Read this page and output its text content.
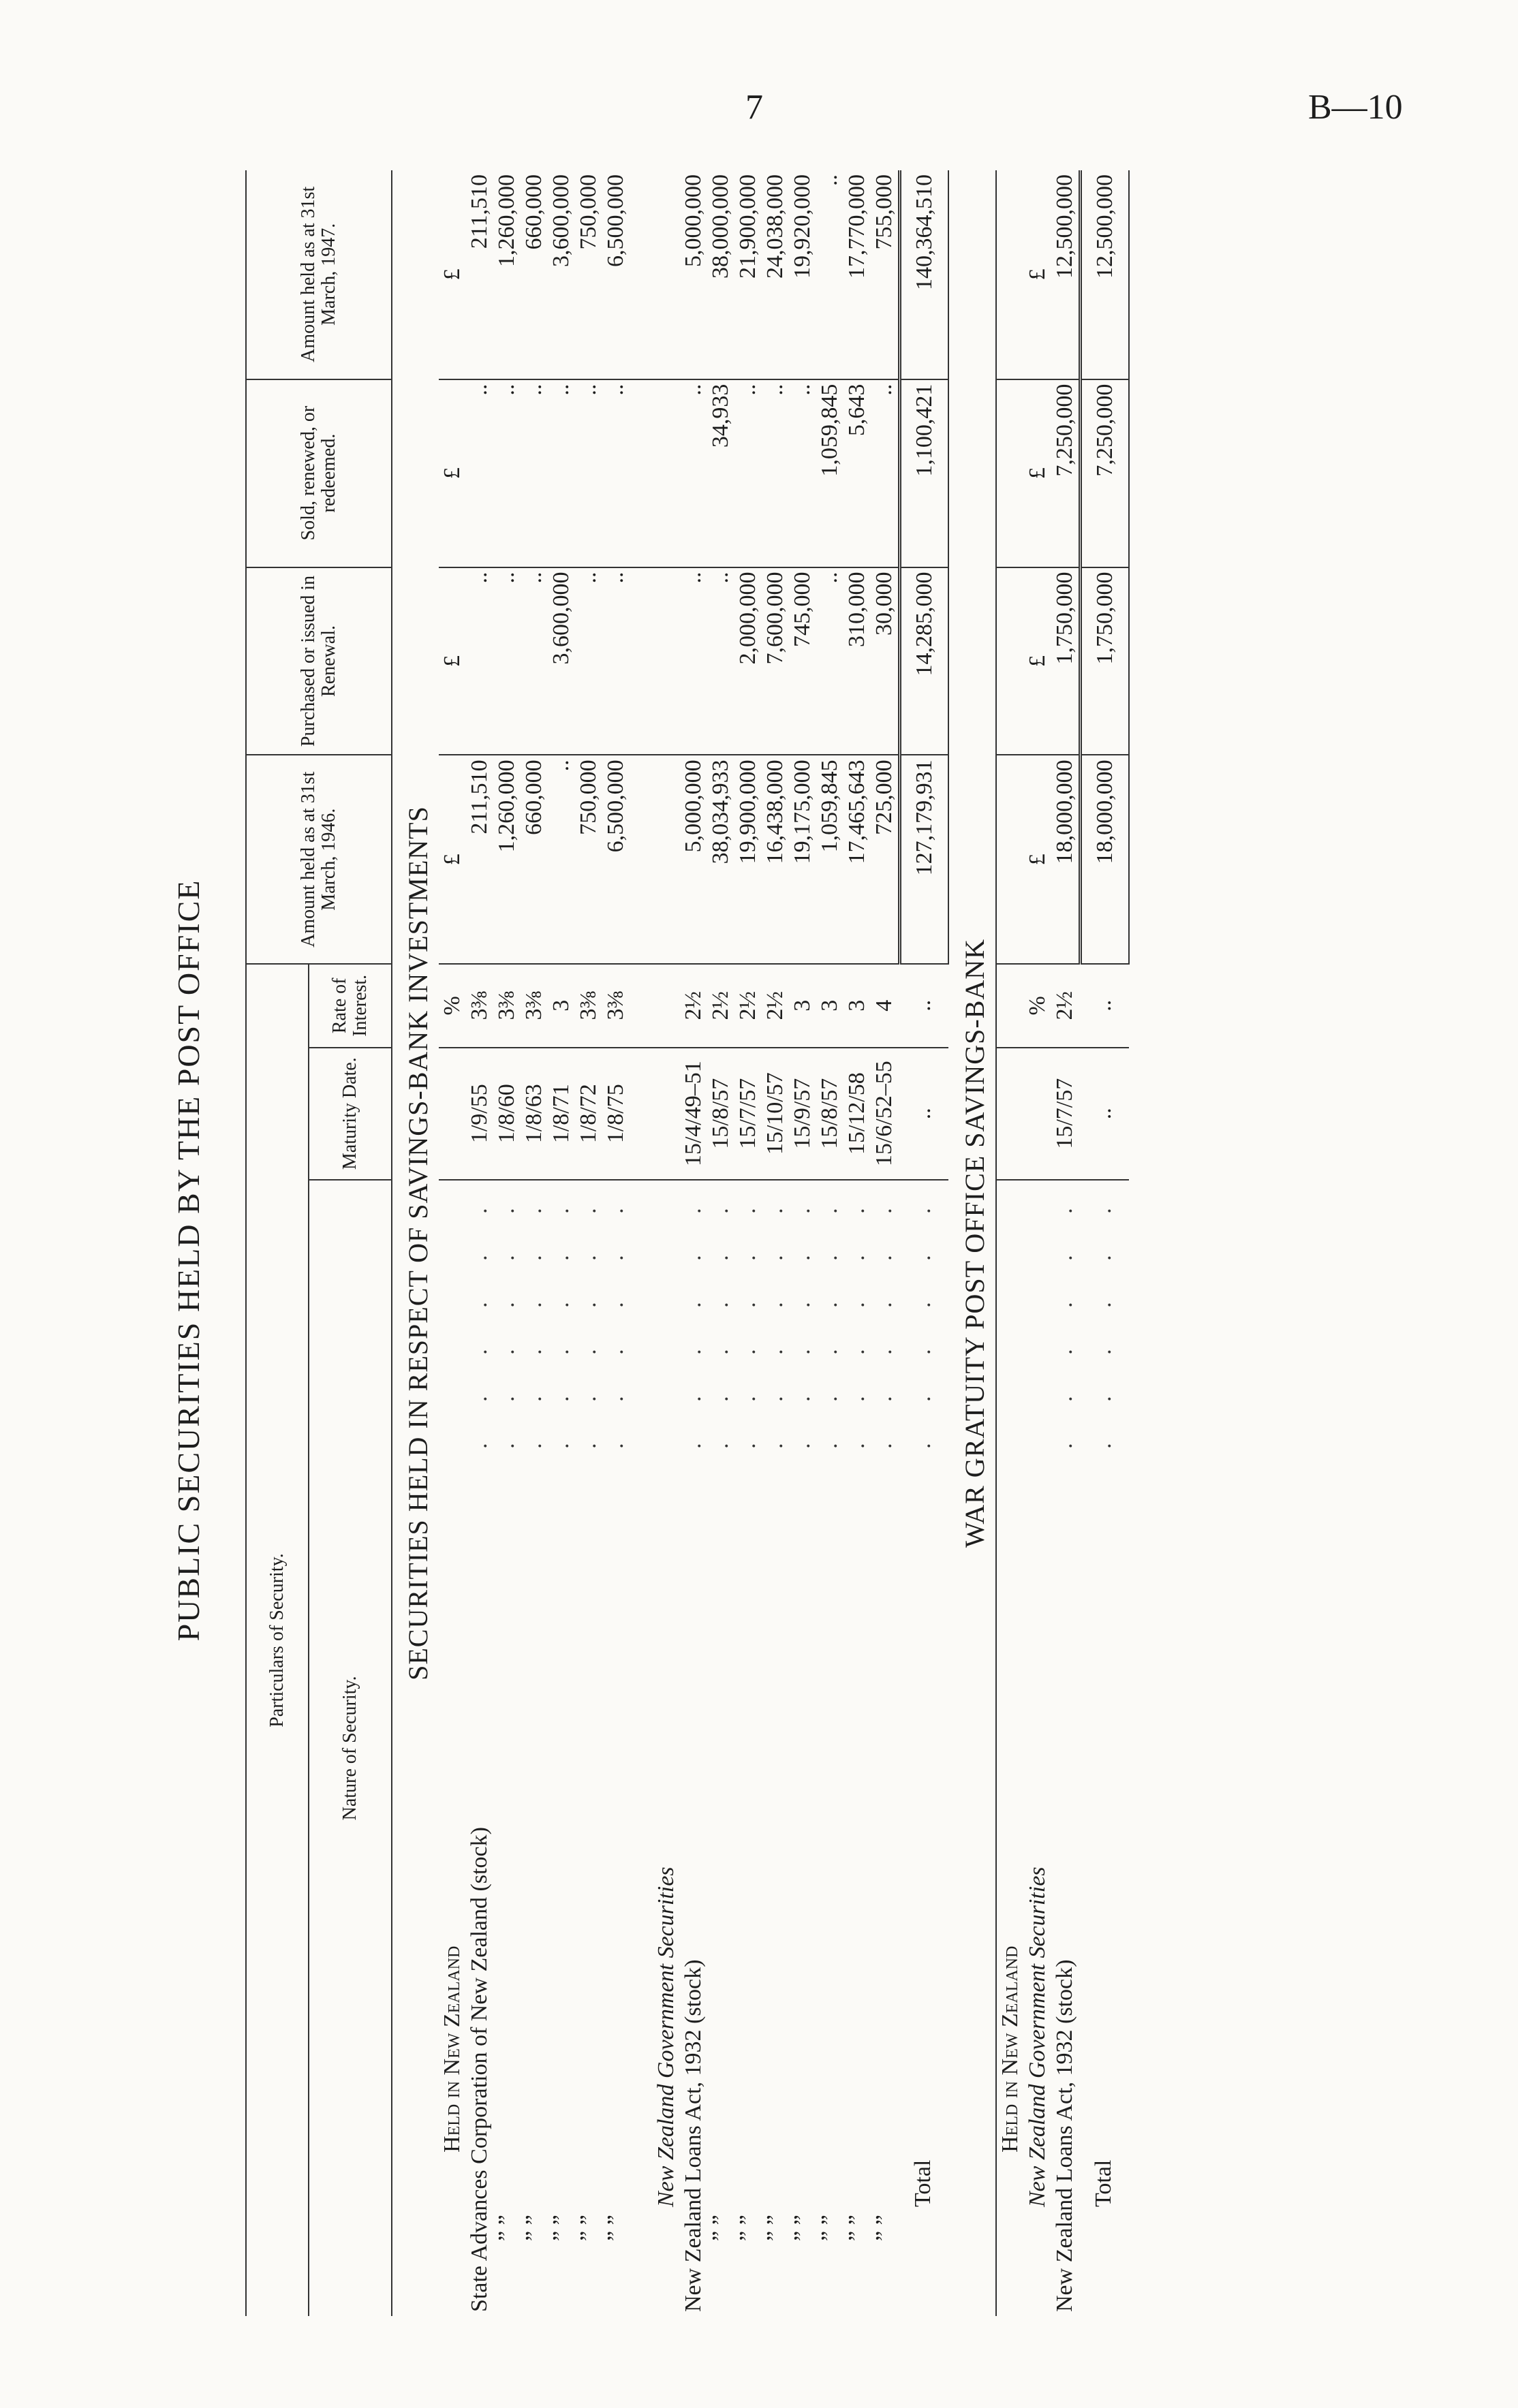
7	B—10
PUBLIC SECURITIES HELD BY THE POST OFFICE	Particulars of Security.				Amount held as at 31st March, 1946.	Purchased or issued in Renewal.	Sold, renewed, or redeemed.	Amount held as at 31st March, 1947.
Nature of Security.		Maturity Date.	Rate of Interest.				
SECURITIES HELD IN RESPECT OF SAVINGS-BANK INVESTMENTS							
Held in New Zealand			%	£	£	£	£
State Advances Corporation of New Zealand (stock)	. . . . . .	1/9/55	3⅜	211,510	..	..	211,510
” ”	. . . . . .	1/8/60	3⅜	1,260,000	..	..	1,260,000
” ”	. . . . . .	1/8/63	3⅜	660,000	..	..	660,000
” ”	. . . . . .	1/8/71	3	..	3,600,000	..	3,600,000
” ”	. . . . . .	1/8/72	3⅜	750,000	..	..	750,000
” ”	. . . . . .	1/8/75	3⅜	6,500,000	..	..	6,500,000

New Zealand Government Securities							
New Zealand Loans Act, 1932 (stock)	. . . . . .	15/4/49–51	2½	5,000,000	..	..	5,000,000
” ”	. . . . . .	15/8/57	2½	38,034,933	..	34,933	38,000,000
” ”	. . . . . .	15/7/57	2½	19,900,000	2,000,000	..	21,900,000
” ”	. . . . . .	15/10/57	2½	16,438,000	7,600,000	..	24,038,000
” ”	. . . . . .	15/9/57	3	19,175,000	745,000	..	19,920,000
” ”	. . . . . .	15/8/57	3	1,059,845	..	1,059,845	..
” ”	. . . . . .	15/12/58	3	17,465,643	310,000	5,643	17,770,000
” ”	. . . . . .	15/6/52–55	4	725,000	30,000	..	755,000
Total	. . . . . .	..	..	127,179,931	14,285,000	1,100,421	140,364,510
WAR GRATUITY POST OFFICE SAVINGS-BANK							
Held in New Zealand							
New Zealand Government Securities			%	£	£	£	£
New Zealand Loans Act, 1932 (stock)	. . . . . .	15/7/57	2½	18,000,000	1,750,000	7,250,000	12,500,000
Total	. . . . . .	..	..	18,000,000	1,750,000	7,250,000	12,500,000
